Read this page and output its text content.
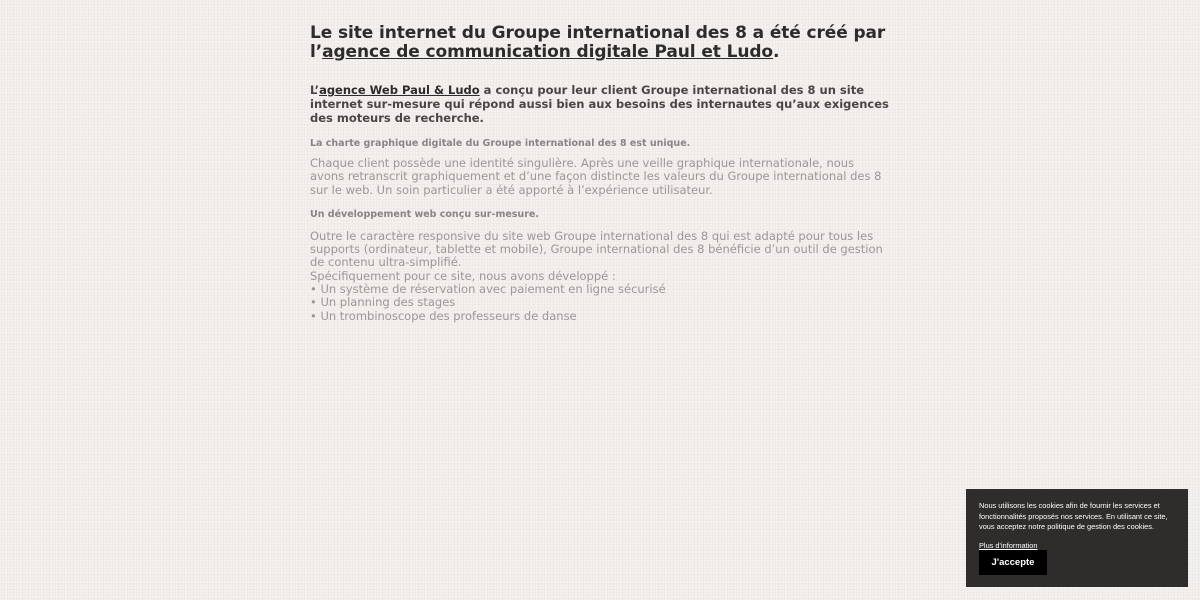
Le site internet du Groupe international des 8 a été créé par l’agence de communication digitale Paul et Ludo.

L’agence Web Paul & Ludo a conçu pour leur client Groupe international des 8 un site internet sur-mesure qui répond aussi bien aux besoins des internautes qu’aux exigences des moteurs de recherche.

La charte graphique digitale du Groupe international des 8 est unique.

Chaque client possède une identité singulière. Après une veille graphique internationale, nous avons retranscrit graphiquement et d’une façon distincte les valeurs du Groupe international des 8 sur le web. Un soin particulier a été apporté à l’expérience utilisateur.

Un développement web conçu sur-mesure.
Outre le caractère responsive du site web Groupe international des 8 qui est adapté pour tous les supports (ordinateur, tablette et mobile), Groupe international des 8 bénéficie d’un outil de gestion de contenu ultra-simplifié.
Spécifiquement pour ce site, nous avons développé :
• Un système de réservation avec paiement en ligne sécurisé
• Un planning des stages
• Un trombinoscope des professeurs de danse

Nous utilisons les cookies afin de fournir les services et fonctionnalités proposés nos services. En utilisant ce site, vous acceptez notre politique de gestion des cookies.

Plus d'information
J'accepte
